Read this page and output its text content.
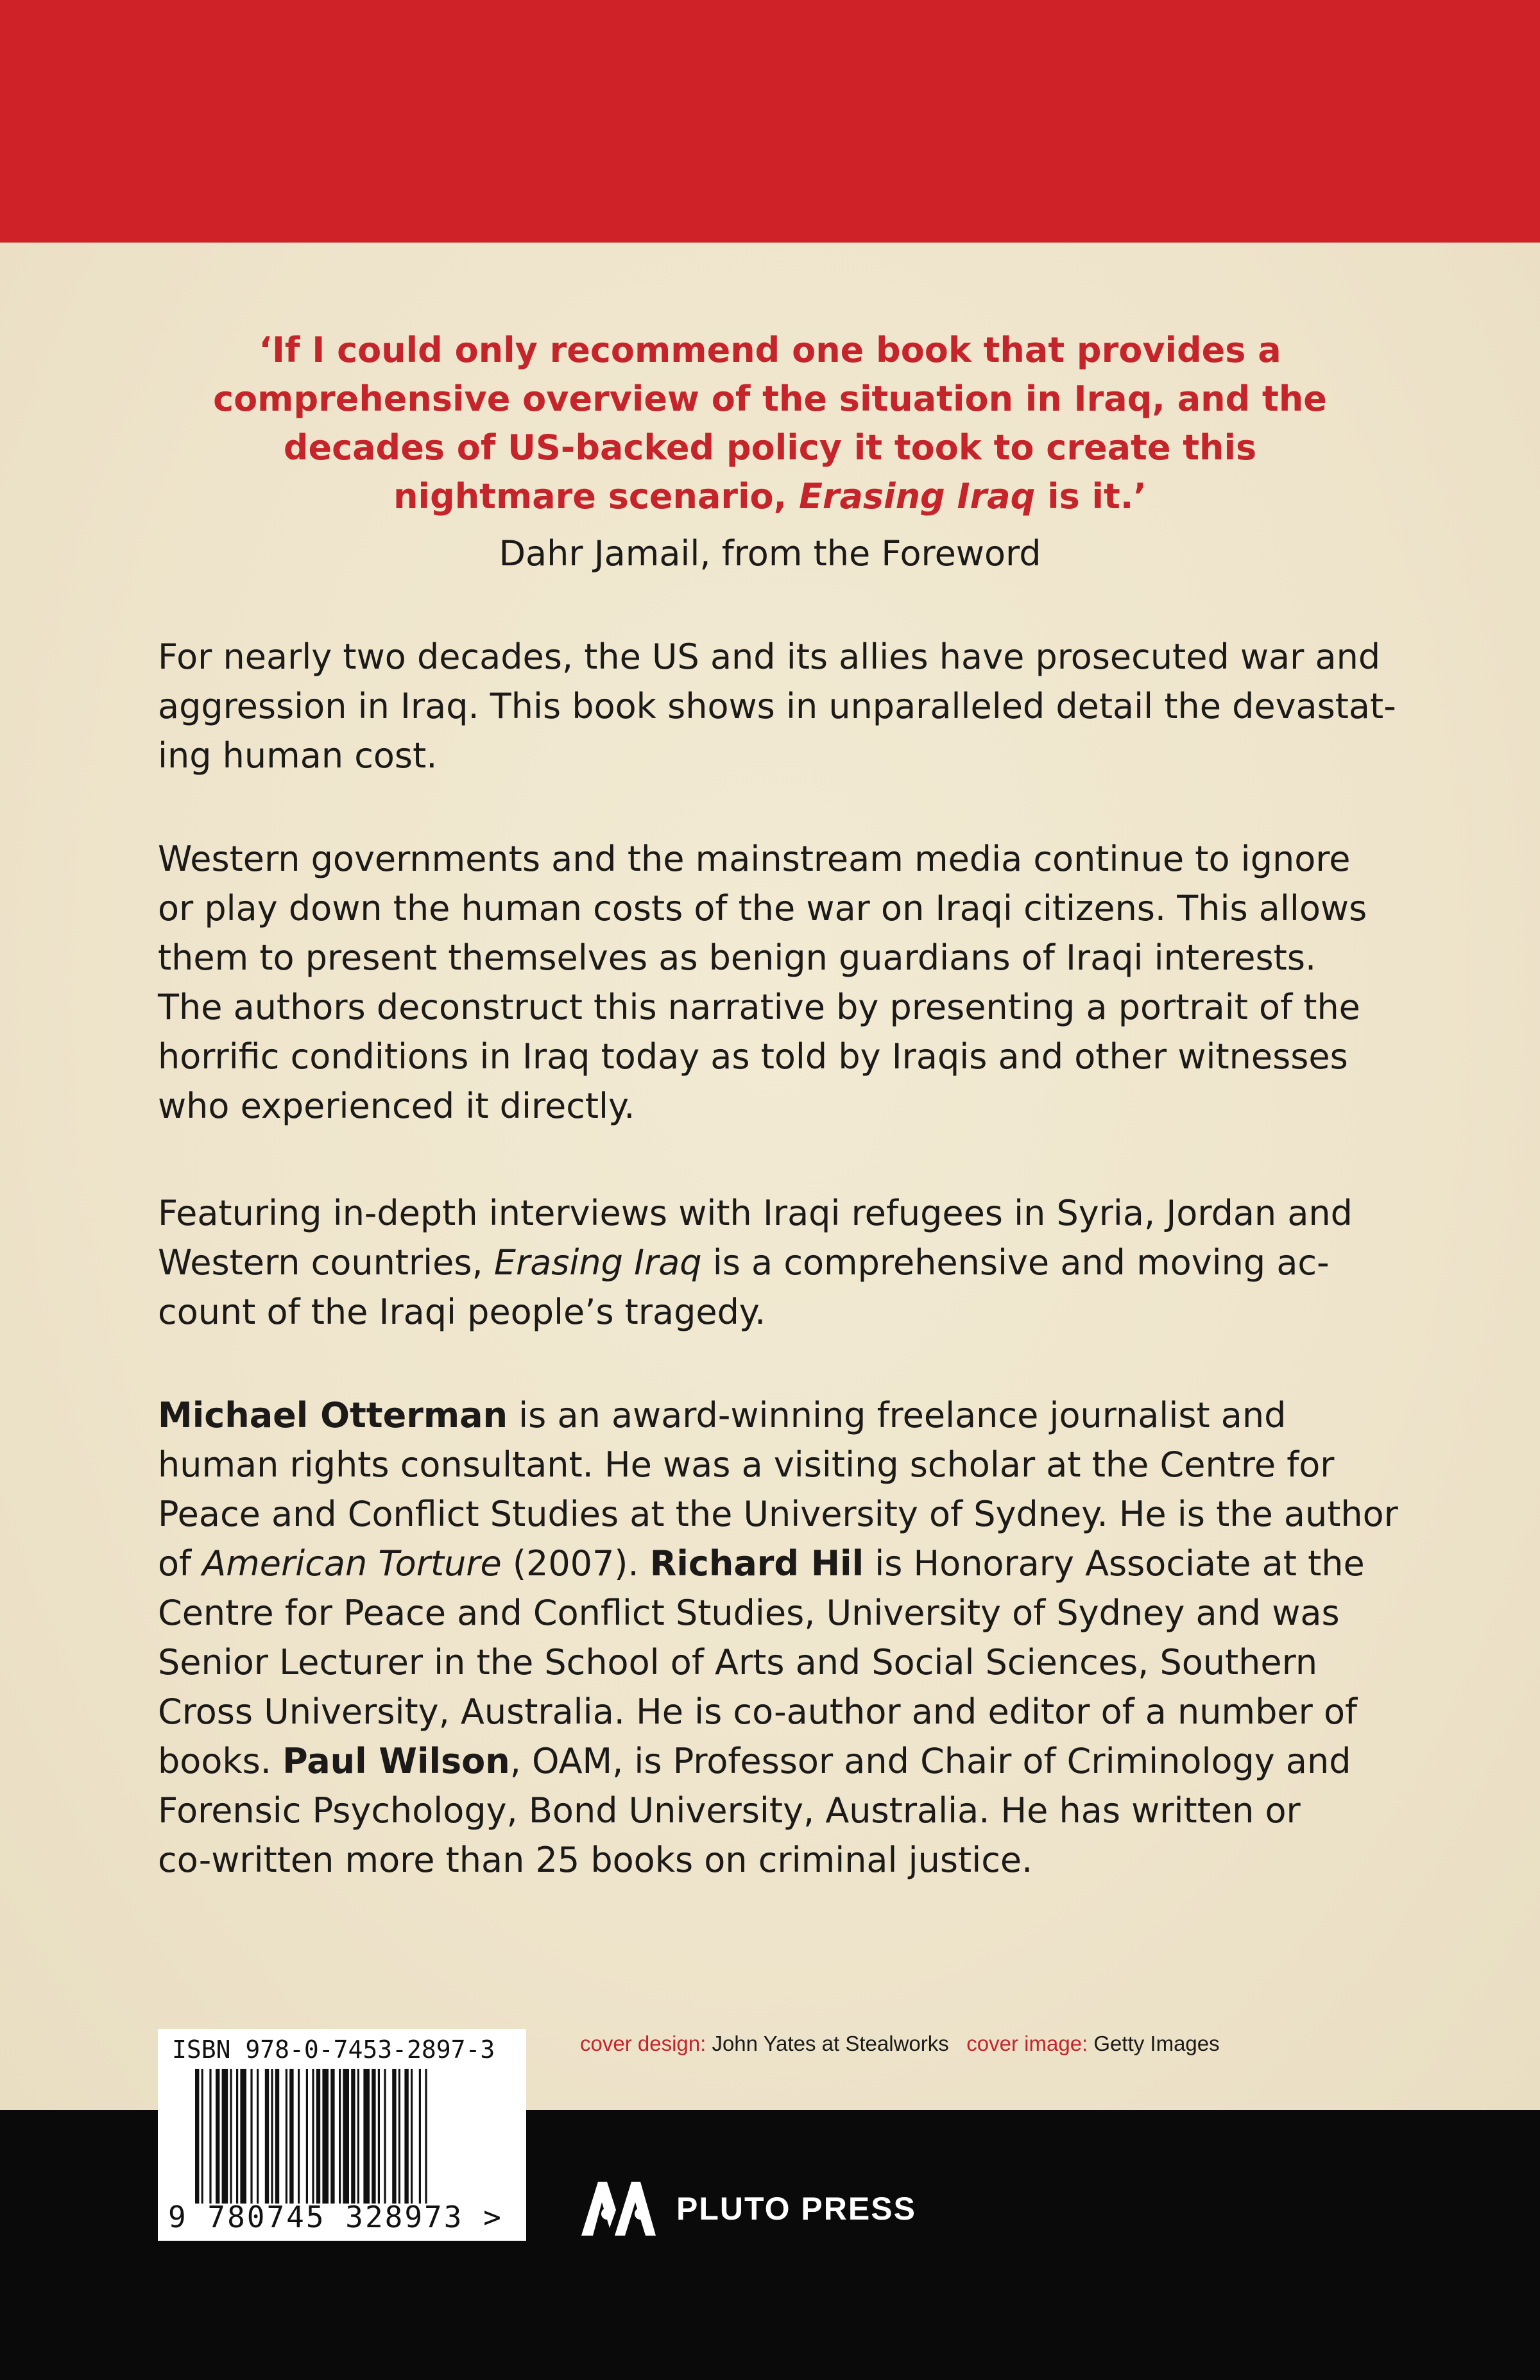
‘If I could only recommend one book that provides a
comprehensive overview of the situation in Iraq, and the
decades of US-backed policy it took to create this
nightmare scenario, Erasing Iraq is it.’
Dahr Jamail, from the Foreword
For nearly two decades, the US and its allies have prosecuted war and
aggression in Iraq. This book shows in unparalleled detail the devastat-
ing human cost.
Western governments and the mainstream media continue to ignore
or play down the human costs of the war on Iraqi citizens. This allows
them to present themselves as benign guardians of Iraqi interests.
The authors deconstruct this narrative by presenting a portrait of the
horrific conditions in Iraq today as told by Iraqis and other witnesses
who experienced it directly.
Featuring in-depth interviews with Iraqi refugees in Syria, Jordan and
Western countries, Erasing Iraq is a comprehensive and moving ac-
count of the Iraqi people’s tragedy.
Michael Otterman is an award-winning freelance journalist and
human rights consultant. He was a visiting scholar at the Centre for
Peace and Conflict Studies at the University of Sydney. He is the author
of American Torture (2007). Richard Hil is Honorary Associate at the
Centre for Peace and Conflict Studies, University of Sydney and was
Senior Lecturer in the School of Arts and Social Sciences, Southern
Cross University, Australia. He is co-author and editor of a number of
books. Paul Wilson, OAM, is Professor and Chair of Criminology and
Forensic Psychology, Bond University, Australia. He has written or
co-written more than 25 books on criminal justice.
cover design: John Yates at Stealworks cover image: Getty Images
ISBN 978-0-7453-2897-3
9 780745 328973 >	PLUTO PRESS
